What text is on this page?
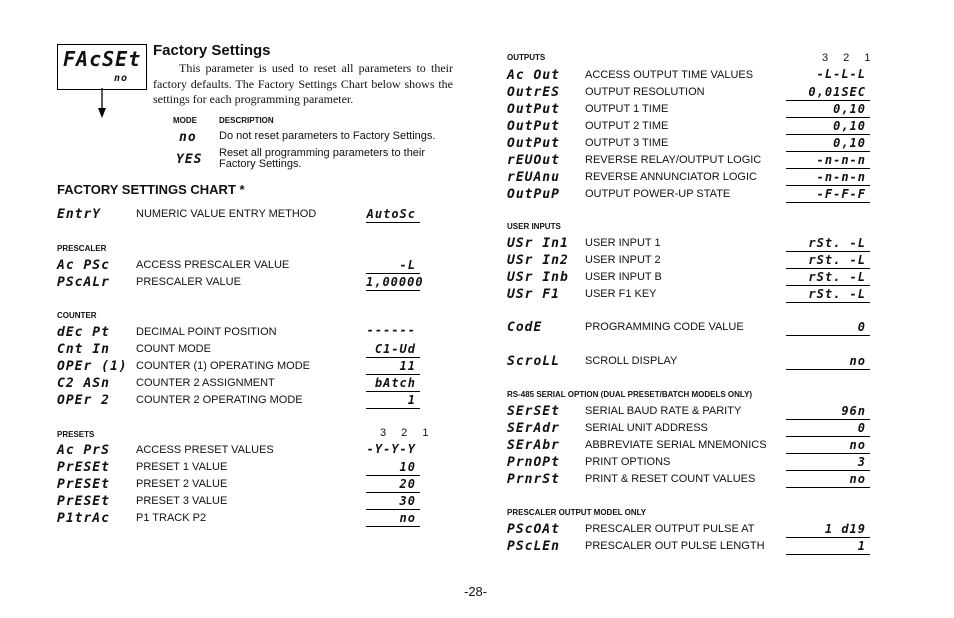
FAcSEt
no
Factory Settings
This parameter is used to reset all parameters to their factory defaults. The Factory Settings Chart below shows the settings for each programming parameter.
MODE	DESCRIPTION
no Do not reset parameters to Factory Settings.
YES Reset all programming parameters to their
Factory Settings.
FACTORY SETTINGS CHART *
EntrY	NUMERIC VALUE ENTRY METHOD	AutoSc
PRESCALER
Ac PSc ACCESS PRESCALER VALUE	-L
PScALr PRESCALER VALUE	1,00000
COUNTER
dEc Pt DECIMAL POINT POSITION	------
Cnt In COUNT MODE	C1-Ud
OPEr (1) COUNTER (1) OPERATING MODE	11
C2 ASn COUNTER 2 ASSIGNMENT	bAtch
OPEr 2 COUNTER 2 OPERATING MODE	1
PRESETS	3 2 1
Ac PrS ACCESS PRESET VALUES	-Y-Y-Y
PrESEt PRESET 1 VALUE	10
PrESEt PRESET 2 VALUE	20
PrESEt PRESET 3 VALUE	30
P1trAc P1 TRACK P2	no
OUTPUTS	3 2 1
Ac Out ACCESS OUTPUT TIME VALUES	-L-L-L
OutrES OUTPUT RESOLUTION	0,01SEC
OutPut OUTPUT 1 TIME	0,10
OutPut OUTPUT 2 TIME	0,10
OutPut OUTPUT 3 TIME	0,10
rEUOut REVERSE RELAY/OUTPUT LOGIC	-n-n-n
rEUAnu REVERSE ANNUNCIATOR LOGIC	-n-n-n
OutPuP OUTPUT POWER-UP STATE	-F-F-F
USER INPUTS
USr In1 USER INPUT 1	rSt. -L
USr In2 USER INPUT 2	rSt. -L
USr Inb USER INPUT B	rSt. -L
USr F1 USER F1 KEY	rSt. -L
CodE	PROGRAMMING CODE VALUE	0
ScroLL SCROLL DISPLAY	no
RS-485 SERIAL OPTION (DUAL PRESET/BATCH MODELS ONLY)
SErSEt SERIAL BAUD RATE & PARITY	96n
SErAdr SERIAL UNIT ADDRESS	0
SErAbr ABBREVIATE SERIAL MNEMONICS	no
PrnOPt PRINT OPTIONS	3
PrnrSt PRINT & RESET COUNT VALUES	no
PRESCALER OUTPUT MODEL ONLY
PScOAt PRESCALER OUTPUT PULSE AT	1 d19
PScLEn PRESCALER OUT PULSE LENGTH	1
-28-
